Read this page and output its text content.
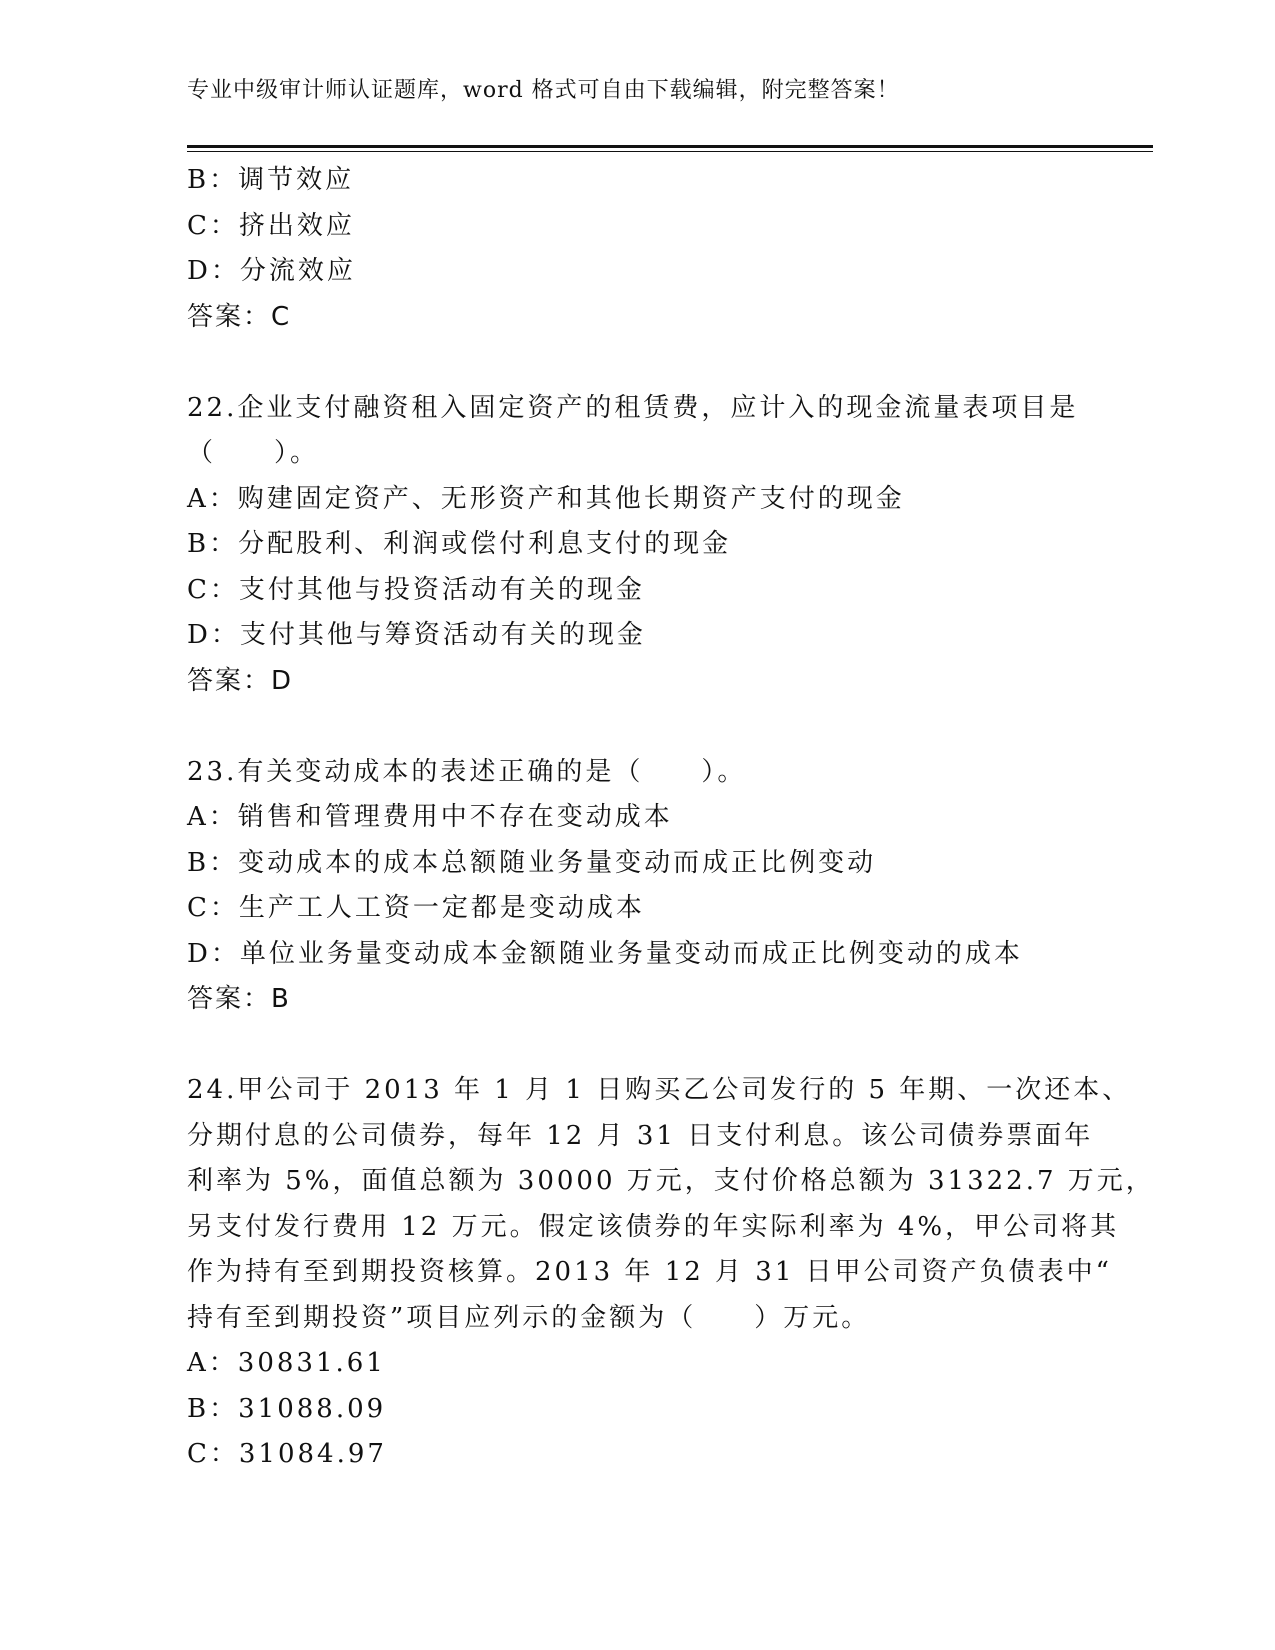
专业中级审计师认证题库，word 格式可自由下载编辑，附完整答案！
B：调节效应
C：挤出效应
D：分流效应
答案：C
22.企业支付融资租入固定资产的租赁费，应计入的现金流量表项目是
（　　）。
A：购建固定资产、无形资产和其他长期资产支付的现金
B：分配股利、利润或偿付利息支付的现金
C：支付其他与投资活动有关的现金
D：支付其他与筹资活动有关的现金
答案：D
23.有关变动成本的表述正确的是（　　）。
A：销售和管理费用中不存在变动成本
B：变动成本的成本总额随业务量变动而成正比例变动
C：生产工人工资一定都是变动成本
D：单位业务量变动成本金额随业务量变动而成正比例变动的成本
答案：B
24.甲公司于 2013 年 1 月 1 日购买乙公司发行的 5 年期、一次还本、
分期付息的公司债券，每年 12 月 31 日支付利息。该公司债券票面年
利率为 5%，面值总额为 30000 万元，支付价格总额为 31322.7 万元，
另支付发行费用 12 万元。假定该债券的年实际利率为 4%，甲公司将其
作为持有至到期投资核算。2013 年 12 月 31 日甲公司资产负债表中“
持有至到期投资”项目应列示的金额为（　　）万元。
A：30831.61
B：31088.09
C：31084.97
